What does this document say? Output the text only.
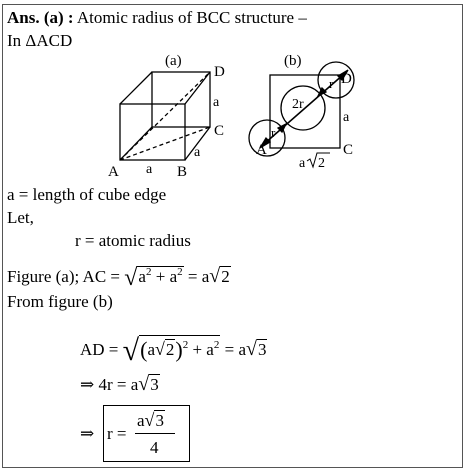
Ans. (a) : Atomic radius of BCC structure –
In ΔACD
(a)
D
a
C
a
A a B
(b)
D
r
2r
r
a
A	C
a 2
a = length of cube edge
Let,
r = atomic radius
Figure (a); AC = $√a^2 + a^2 = a√2$
From figure (b)
AD = $√(a√2)^2 + a^2 = a√3$
⇒ 4r = a√3
⇒ r =
a√3
4
